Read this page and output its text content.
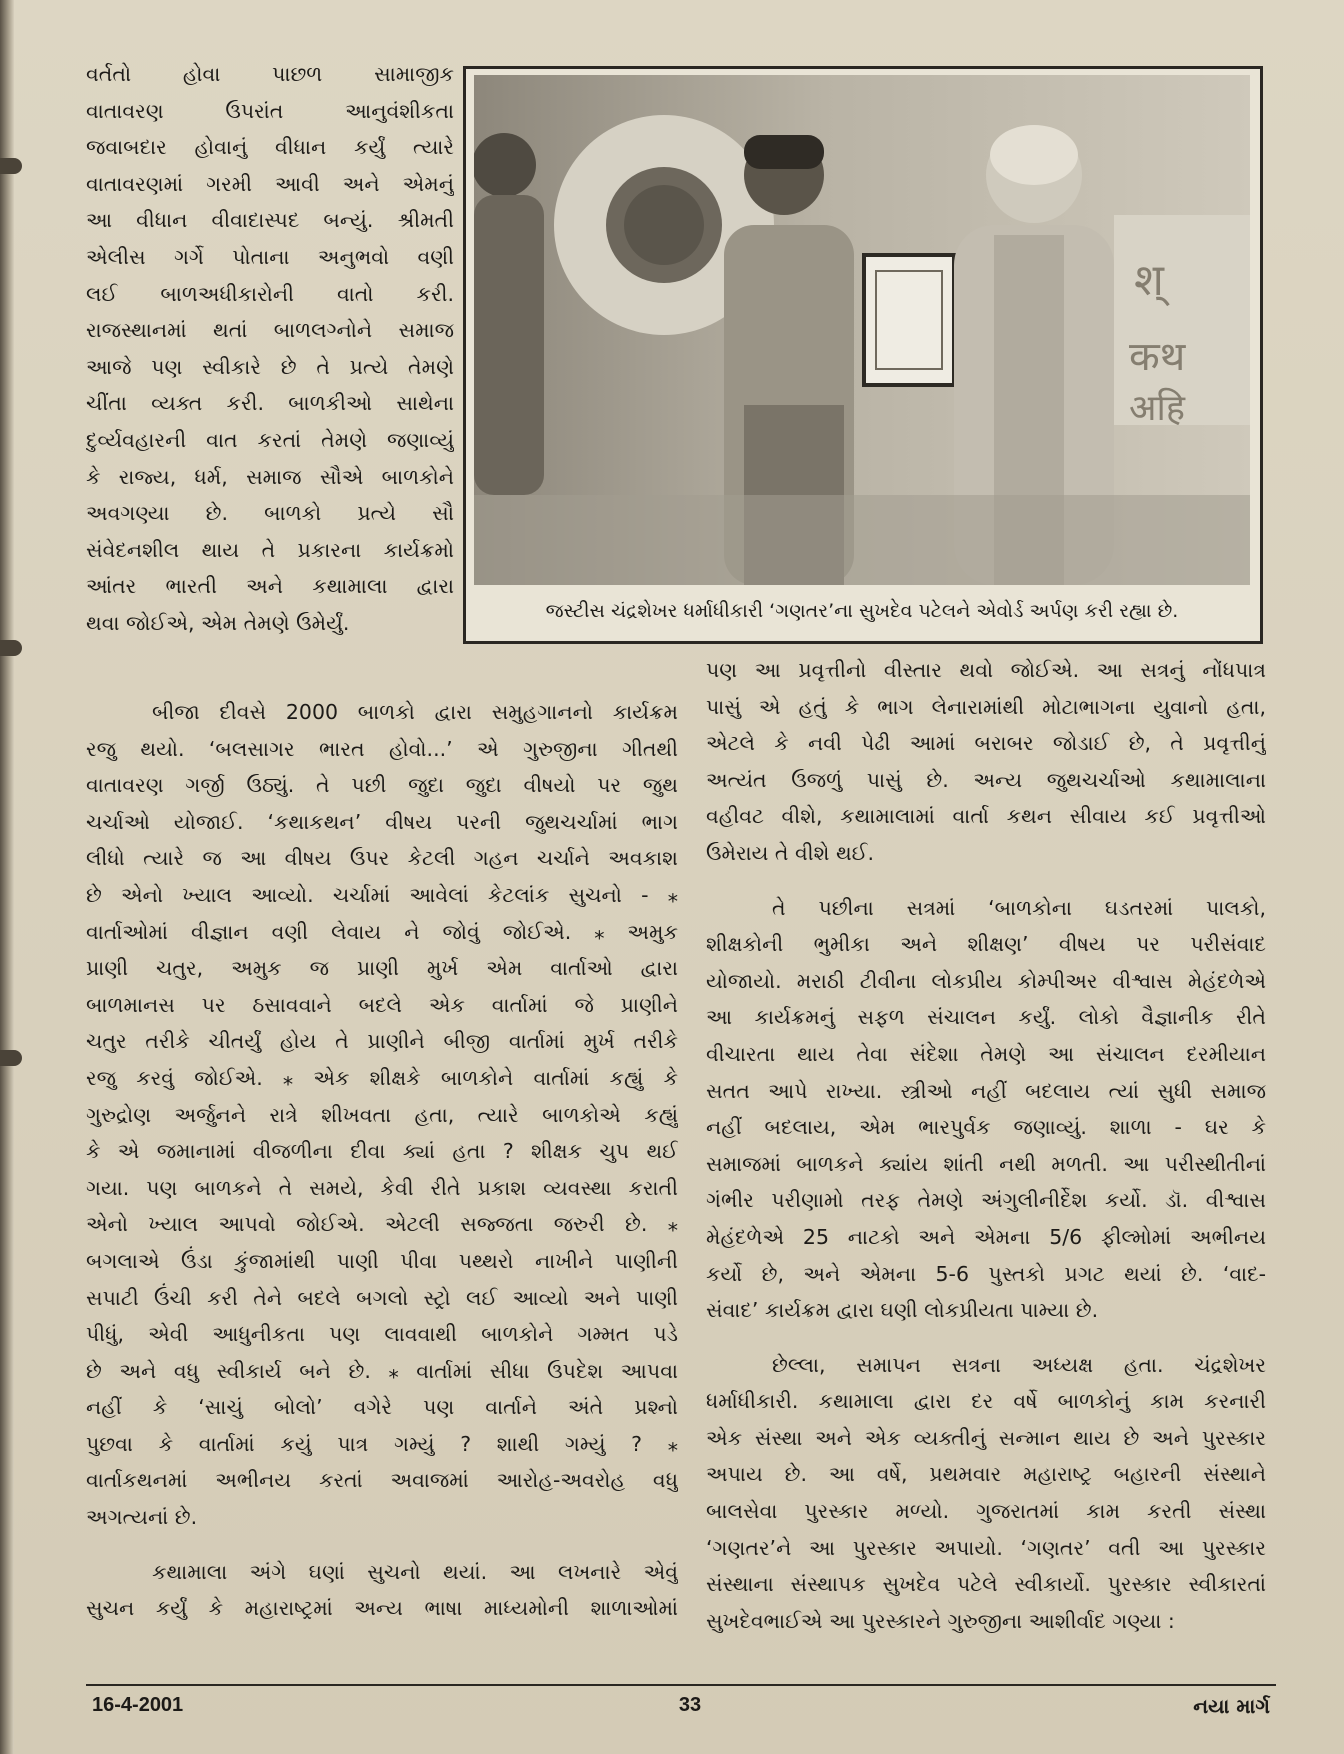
વર્તતો હોવા પાછળ સામાજીક
વાતાવરણ ઉપરાંત આનુવંશીકતા
જવાબદાર હોવાનું વીધાન કર્યું ત્યારે
વાતાવરણમાં ગરમી આવી અને એમનું
આ વીધાન વીવાદાસ્પદ બન્યું. શ્રીમતી
એલીસ ગર્ગે પોતાના અનુભવો વણી
લઈ બાળઅધીકારોની વાતો કરી.
રાજસ્થાનમાં થતાં બાળલગ્નોને સમાજ
આજે પણ સ્વીકારે છે તે પ્રત્યે તેમણે
ચીંતા વ્યક્ત કરી. બાળકીઓ સાથેના
દુર્વ્યવહારની વાત કરતાં તેમણે જણાવ્યું
કે રાજ્ય, ધર્મ, સમાજ સૌએ બાળકોને
અવગણ્યા છે. બાળકો પ્રત્યે સૌ
સંવેદનશીલ થાય તે પ્રકારના કાર્યક્રમો
આંતર ભારતી અને કથામાલા દ્વારા
થવા જોઈએ, એમ તેમણે ઉમેર્યું.

श्
कथ
अहि
જસ્ટીસ ચંદ્રશેખર ધર્માધીકારી ‘ગણતર’ના સુખદેવ પટેલને એવોર્ડ અર્પણ કરી રહ્યા છે.

બીજા દીવસે 2000 બાળકો દ્વારા સમુહગાનનો કાર્યક્રમ
રજુ થયો. ‘બલસાગર ભારત હોવો...’ એ ગુરુજીના ગીતથી
વાતાવરણ ગર્જી ઉઠ્યું. તે પછી જુદા જુદા વીષયો પર જુથ
ચર્ચાઓ યોજાઈ. ‘કથાકથન’ વીષય પરની જુથચર્ચામાં ભાગ
લીધો ત્યારે જ આ વીષય ઉપર કેટલી ગહન ચર્ચાને અવકાશ
છે એનો ખ્યાલ આવ્યો. ચર્ચામાં આવેલાં કેટલાંક સુચનો - ⁎
વાર્તાઓમાં વીજ્ઞાન વણી લેવાય ને જોવું જોઈએ. ⁎ અમુક
પ્રાણી ચતુર, અમુક જ પ્રાણી મુર્ખ એમ વાર્તાઓ દ્વારા
બાળમાનસ પર ઠસાવવાને બદલે એક વાર્તામાં જે પ્રાણીને
ચતુર તરીકે ચીતર્યું હોય તે પ્રાણીને બીજી વાર્તામાં મુર્ખ તરીકે
રજુ કરવું જોઈએ. ⁎ એક શીક્ષકે બાળકોને વાર્તામાં કહ્યું કે
ગુરુદ્રોણ અર્જુનને રાત્રે શીખવતા હતા, ત્યારે બાળકોએ કહ્યું
કે એ જમાનામાં વીજળીના દીવા ક્યાં હતા ? શીક્ષક ચુપ થઈ
ગયા. પણ બાળકને તે સમયે, કેવી રીતે પ્રકાશ વ્યવસ્થા કરાતી
એનો ખ્યાલ આપવો જોઈએ. એટલી સજ્જતા જરુરી છે. ⁎
બગલાએ ઉંડા કુંજામાંથી પાણી પીવા પથ્થરો નાખીને પાણીની
સપાટી ઉંચી કરી તેને બદલે બગલો સ્ટ્રો લઈ આવ્યો અને પાણી
પીધું, એવી આધુનીકતા પણ લાવવાથી બાળકોને ગમ્મત પડે
છે અને વધુ સ્વીકાર્ય બને છે. ⁎ વાર્તામાં સીધા ઉપદેશ આપવા
નહીં કે ‘સાચું બોલો’ વગેરે પણ વાર્તાને અંતે પ્રશ્નો
પુછવા કે વાર્તામાં કયું પાત્ર ગમ્યું ? શાથી ગમ્યું ? ⁎
વાર્તાકથનમાં અભીનય કરતાં અવાજમાં આરોહ-અવરોહ વધુ
અગત્યનાં છે.

કથામાલા અંગે ઘણાં સુચનો થયાં. આ લખનારે એવું
સુચન કર્યું કે મહારાષ્ટ્રમાં અન્ય ભાષા માધ્યમોની શાળાઓમાં

પણ આ પ્રવૃત્તીનો વીસ્તાર થવો જોઈએ. આ સત્રનું નોંધપાત્ર
પાસું એ હતું કે ભાગ લેનારામાંથી મોટાભાગના યુવાનો હતા,
એટલે કે નવી પેઢી આમાં બરાબર જોડાઈ છે, તે પ્રવૃત્તીનું
અત્યંત ઉજળું પાસું છે. અન્ય જુથચર્ચાઓ કથામાલાના
વહીવટ વીશે, કથામાલામાં વાર્તા કથન સીવાય કઈ પ્રવૃત્તીઓ
ઉમેરાય તે વીશે થઈ.

તે પછીના સત્રમાં ‘બાળકોના ઘડતરમાં પાલકો,
શીક્ષકોની ભુમીકા અને શીક્ષણ’ વીષય પર પરીસંવાદ
યોજાયો. મરાઠી ટીવીના લોકપ્રીય કોમ્પીઅર વીશ્વાસ મેહંદળેએ
આ કાર્યક્રમનું સફળ સંચાલન કર્યું. લોકો વૈજ્ઞાનીક રીતે
વીચારતા થાય તેવા સંદેશા તેમણે આ સંચાલન દરમીયાન
સતત આપે રાખ્યા. સ્ત્રીઓ નહીં બદલાય ત્યાં સુધી સમાજ
નહીં બદલાય, એમ ભારપુર્વક જણાવ્યું. શાળા - ઘર કે
સમાજમાં બાળકને ક્યાંય શાંતી નથી મળતી. આ પરીસ્થીતીનાં
ગંભીર પરીણામો તરફ તેમણે અંગુલીનીર્દેશ કર્યો. ડૉ. વીશ્વાસ
મેહંદળેએ 25 નાટકો અને એમના 5/6 ફીલ્મોમાં અભીનય
કર્યો છે, અને એમના 5-6 પુસ્તકો પ્રગટ થયાં છે. ‘વાદ-
સંવાદ’ કાર્યક્રમ દ્વારા ઘણી લોકપ્રીયતા પામ્યા છે.

છેલ્લા, સમાપન સત્રના અધ્યક્ષ હતા. ચંદ્રશેખર
ધર્માધીકારી. કથામાલા દ્વારા દર વર્ષે બાળકોનું કામ કરનારી
એક સંસ્થા અને એક વ્યક્તીનું સન્માન થાય છે અને પુરસ્કાર
અપાય છે. આ વર્ષે, પ્રથમવાર મહારાષ્ટ્ર બહારની સંસ્થાને
બાલસેવા પુરસ્કાર મળ્યો. ગુજરાતમાં કામ કરતી સંસ્થા
‘ગણતર’ને આ પુરસ્કાર અપાયો. ‘ગણતર’ વતી આ પુરસ્કાર
સંસ્થાના સંસ્થાપક સુખદેવ પટેલે સ્વીકાર્યો. પુરસ્કાર સ્વીકારતાં
સુખદેવભાઈએ આ પુરસ્કારને ગુરુજીના આશીર્વાદ ગણ્યા :

16-4-2001	33	નયા માર્ગ
